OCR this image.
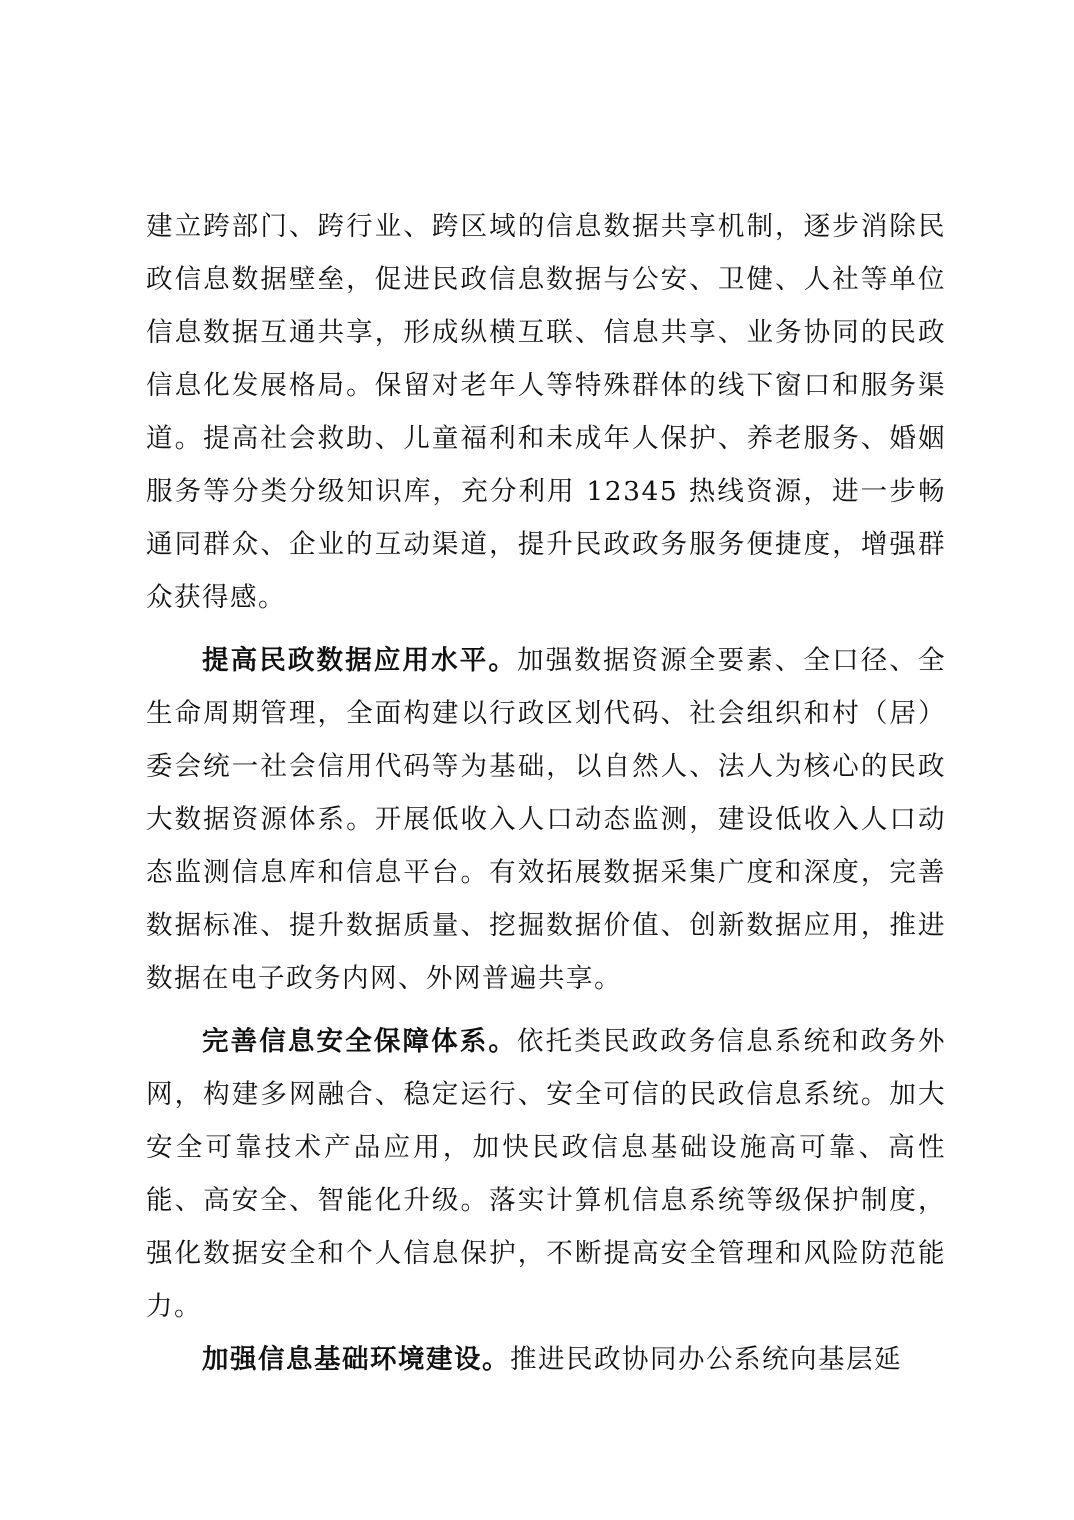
建立跨部门、跨行业、跨区域的信息数据共享机制，逐步消除民政信息数据壁垒，促进民政信息数据与公安、卫健、人社等单位信息数据互通共享，形成纵横互联、信息共享、业务协同的民政信息化发展格局。保留对老年人等特殊群体的线下窗口和服务渠道。提高社会救助、儿童福利和未成年人保护、养老服务、婚姻服务等分类分级知识库，充分利用 12345 热线资源，进一步畅通同群众、企业的互动渠道，提升民政政务服务便捷度，增强群众获得感。

提高民政数据应用水平。加强数据资源全要素、全口径、全生命周期管理，全面构建以行政区划代码、社会组织和村（居）委会统一社会信用代码等为基础，以自然人、法人为核心的民政大数据资源体系。开展低收入人口动态监测，建设低收入人口动态监测信息库和信息平台。有效拓展数据采集广度和深度，完善数据标准、提升数据质量、挖掘数据价值、创新数据应用，推进数据在电子政务内网、外网普遍共享。

完善信息安全保障体系。依托类民政政务信息系统和政务外网，构建多网融合、稳定运行、安全可信的民政信息系统。加大安全可靠技术产品应用，加快民政信息基础设施高可靠、高性能、高安全、智能化升级。落实计算机信息系统等级保护制度，强化数据安全和个人信息保护，不断提高安全管理和风险防范能力。

加强信息基础环境建设。推进民政协同办公系统向基层延
